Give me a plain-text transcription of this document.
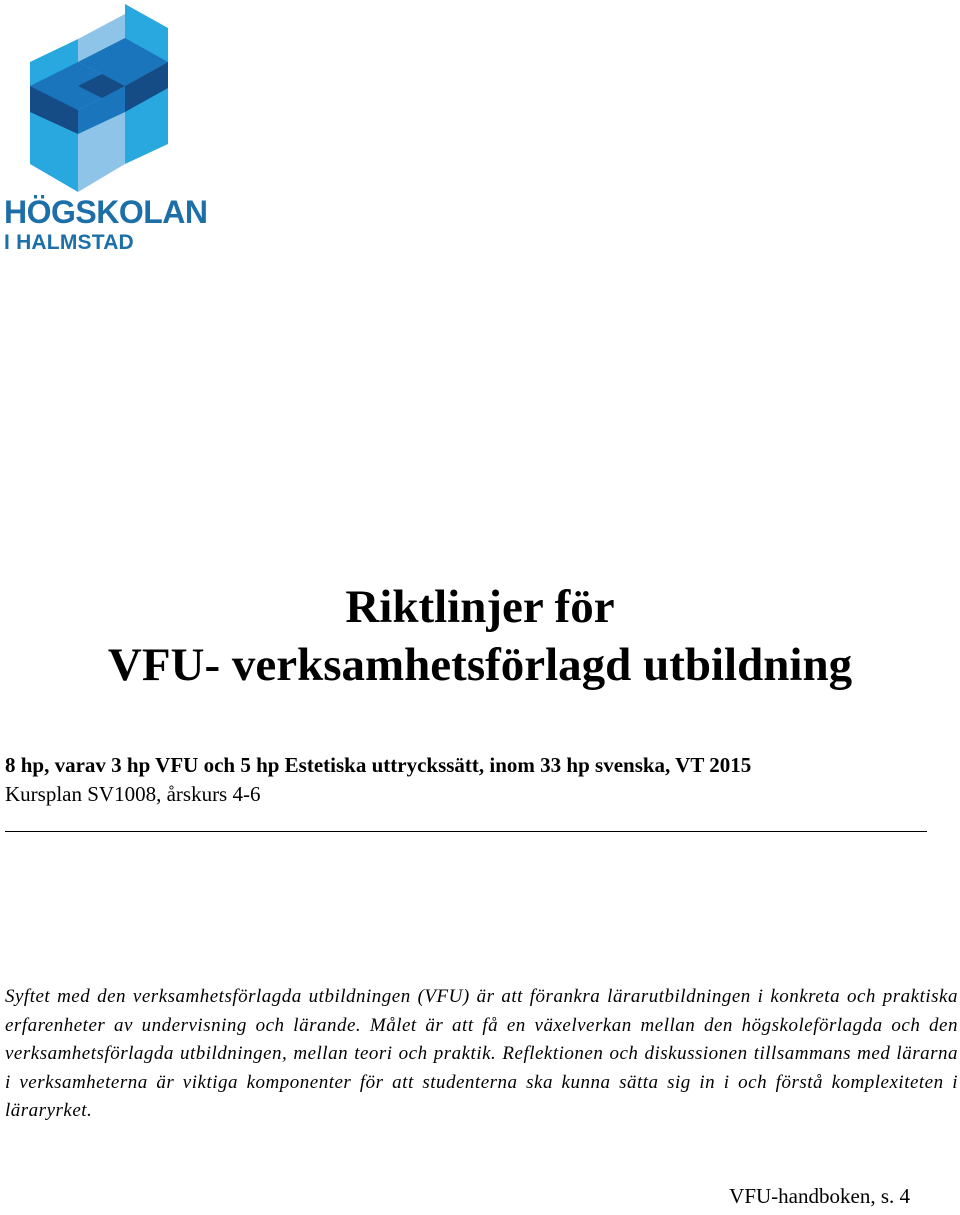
HÖGSKOLAN
I HALMSTAD
Riktlinjer för
VFU- verksamhetsförlagd utbildning
8 hp, varav 3 hp VFU och 5 hp Estetiska uttryckssätt, inom 33 hp svenska, VT 2015
Kursplan SV1008, årskurs 4-6
Syftet med den verksamhetsförlagda utbildningen (VFU) är att förankra lärarutbildningen i konkreta och praktiska erfarenheter av undervisning och lärande. Målet är att få en växelverkan mellan den högskoleförlagda och den verksamhetsförlagda utbildningen, mellan teori och praktik. Reflektionen och diskussionen tillsammans med lärarna i verksamheterna är viktiga komponenter för att studenterna ska kunna sätta sig in i och förstå komplexiteten i läraryrket.
VFU-handboken, s. 4
